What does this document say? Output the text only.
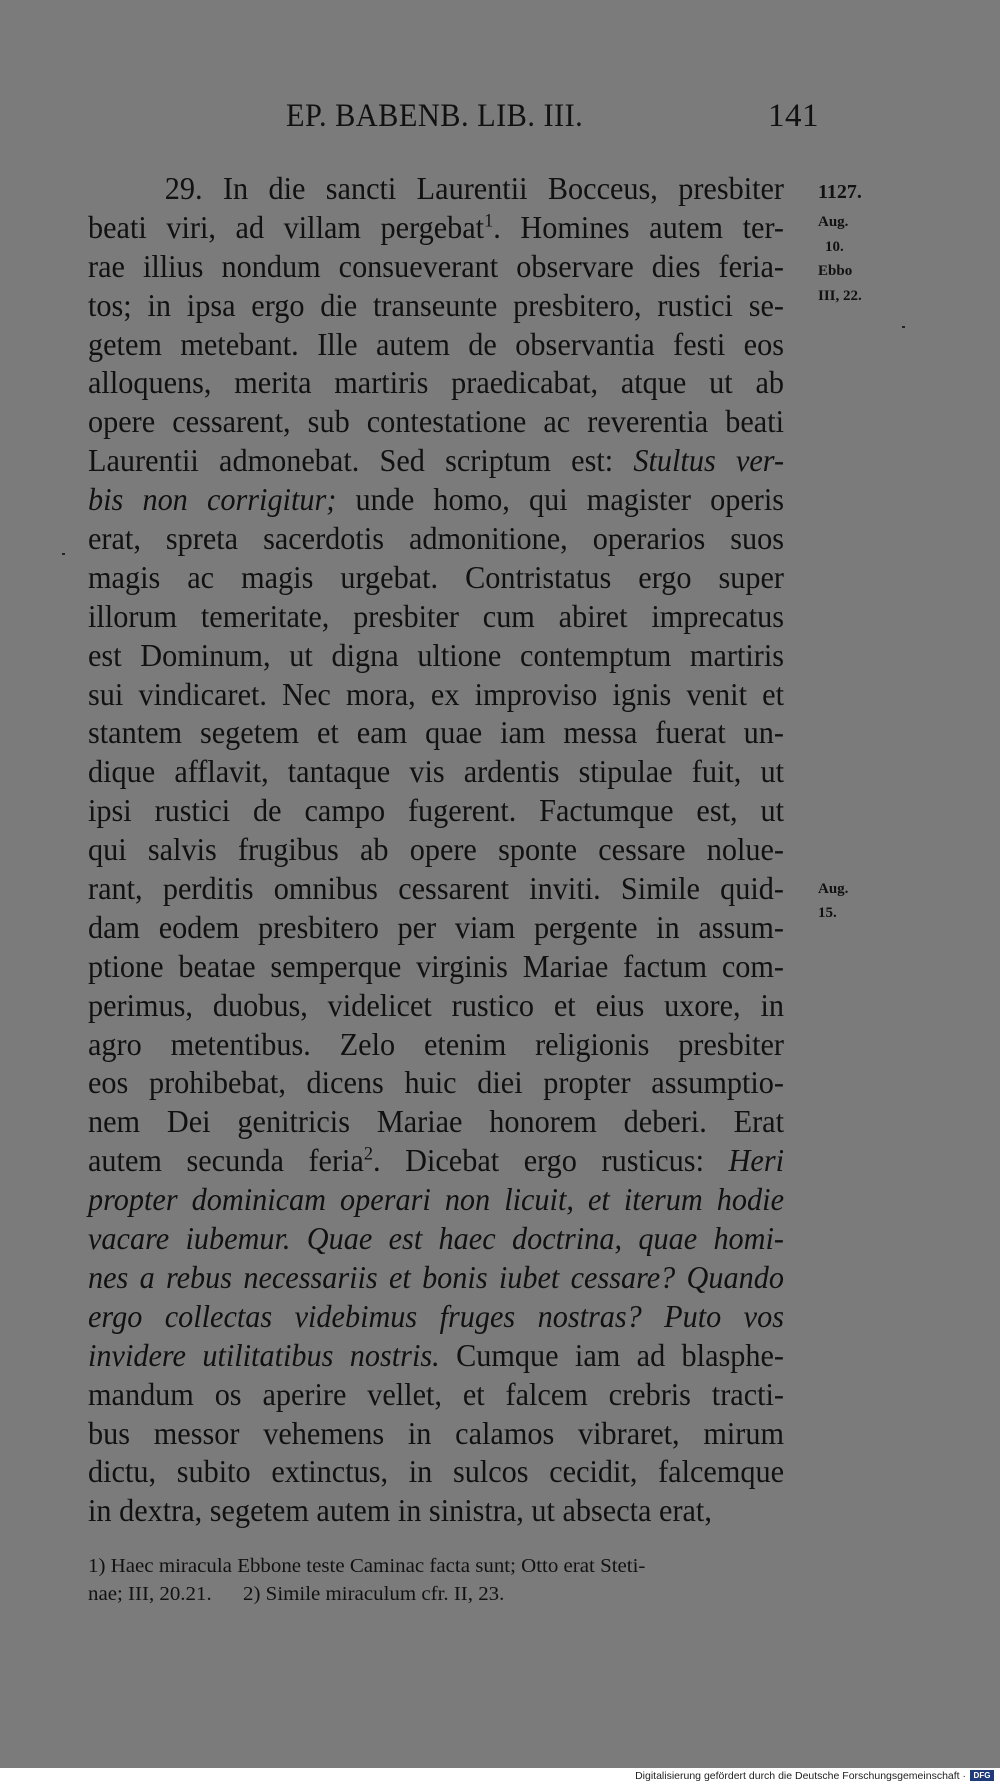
EP. BABENB. LIB. III.	141
29. In die sancti Laurentii Bocceus, presbiter
beati viri, ad villam pergebat$^1$. Homines autem ter-
rae illius nondum consueverant observare dies feria-
tos; in ipsa ergo die transeunte presbitero, rustici se-
getem metebant. Ille autem de observantia festi eos
alloquens, merita martiris praedicabat, atque ut ab
opere cessarent, sub contestatione ac reverentia beati
Laurentii admonebat. Sed scriptum est: Stultus ver-
bis non corrigitur; unde homo, qui magister operis
erat, spreta sacerdotis admonitione, operarios suos
magis ac magis urgebat. Contristatus ergo super
illorum temeritate, presbiter cum abiret imprecatus
est Dominum, ut digna ultione contemptum martiris
sui vindicaret. Nec mora, ex improviso ignis venit et
stantem segetem et eam quae iam messa fuerat un-
dique afflavit, tantaque vis ardentis stipulae fuit, ut
ipsi rustici de campo fugerent. Factumque est, ut
qui salvis frugibus ab opere sponte cessare noluе-
rant, perditis omnibus cessarent inviti. Simile quid-
dam eodem presbitero per viam pergente in assum-
ptione beatae semperque virginis Mariae factum com-
perimus, duobus, videlicet rustico et eius uxore, in
agro metentibus. Zelo etenim religionis presbiter
eos prohibebat, dicens huic diei propter assumptio-
nem Dei genitricis Mariae honorem deberi. Erat
autem secunda feria$^2$. Dicebat ergo rusticus: Heri
propter dominicam operari non licuit, et iterum hodie
vacare iubemur. Quae est haec doctrina, quae homi-
nes a rebus necessariis et bonis iubet cessare? Quando
ergo collectas videbimus fruges nostras? Puto vos
invidere utilitatibus nostris. Cumque iam ad blasphe-
mandum os aperire vellet, et falcem crebris tracti-
bus messor vehemens in calamos vibraret, mirum
dictu, subito extinctus, in sulcos cecidit, falcemque
in dextra, segetem autem in sinistra, ut absecta erat,
1127.
Aug.
10.
Ebbo
III, 22.
Aug.
15.
1) Haec miracula Ebbone teste Caminac facta sunt; Otto erat Steti-
nae; III, 20.21.      2) Simile miraculum cfr. II, 23.
Digitalisierung gefördert durch die Deutsche Forschungsgemeinschaft · DFG
